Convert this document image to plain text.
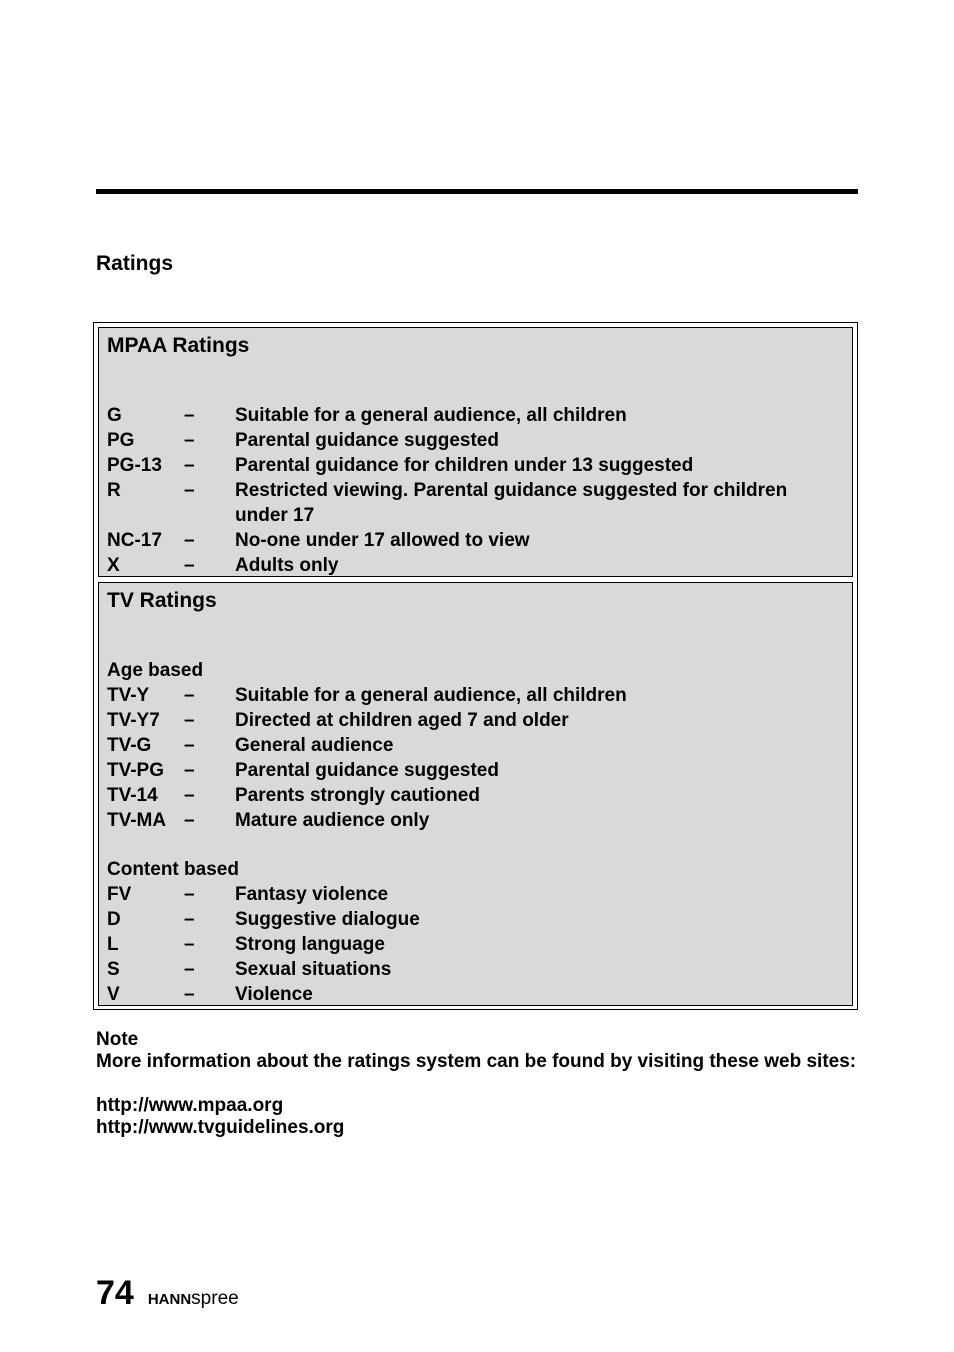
Ratings
MPAA Ratings
G	–	Suitable for a general audience, all children
PG	–	Parental guidance suggested
PG-13	–	Parental guidance for children under 13 suggested
R	–	Restricted viewing. Parental guidance suggested for children under 17
NC-17	–	No-one under 17 allowed to view
X	–	Adults only
TV Ratings
Age based
TV-Y	–	Suitable for a general audience, all children
TV-Y7	–	Directed at children aged 7 and older
TV-G	–	General audience
TV-PG	–	Parental guidance suggested
TV-14	–	Parents strongly cautioned
TV-MA –	Mature audience only
Content based
FV	–	Fantasy violence
D	–	Suggestive dialogue
L	–	Strong language
S	–	Sexual situations
V	–	Violence
Note
More information about the ratings system can be found by visiting these web sites:
http://www.mpaa.org
http://www.tvguidelines.org
74 HANNspree
